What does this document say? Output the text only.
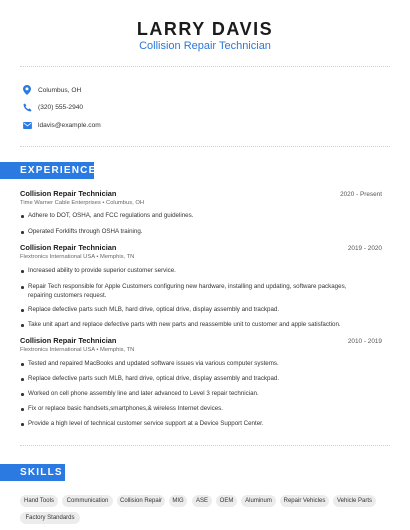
LARRY DAVIS
Collision Repair Technician
Columbus, OH
(320) 555-2940
ldavis@example.com
EXPERIENCE
Collision Repair Technician	2020 - Present
Time Warner Cable Enterprises • Columbus, OH
Adhere to DOT, OSHA, and FCC regulations and guidelines.
Operated Forklifts through OSHA training.
Collision Repair Technician	2019 - 2020
Flextronics International USA • Memphis, TN
Increased ability to provide superior customer service.
Repair Tech responsible for Apple Customers configuring new hardware, installing and updating, software packages, repairing customers request.
Replace defective parts such MLB, hard drive, optical drive, display assembly and trackpad.
Take unit apart and replace defective parts with new parts and reassemble unit to customer and apple satisfaction.
Collision Repair Technician	2010 - 2019
Flextronics International USA • Memphis, TN
Tested and repaired MacBooks and updated software issues via various computer systems.
Replace defective parts such MLB, hard drive, optical drive, display assembly and trackpad.
Worked on cell phone assembly line and later advanced to Level 3 repair technician.
Fix or replace basic handsets,smartphones,& wireless Internet devices.
Provide a high level of technical customer service support at a Device Support Center.
SKILLS
Hand Tools	Communication	Collision Repair	MIG	ASE	OEM	Aluminum	Repair Vehicles	Vehicle Parts
Factory Standards
